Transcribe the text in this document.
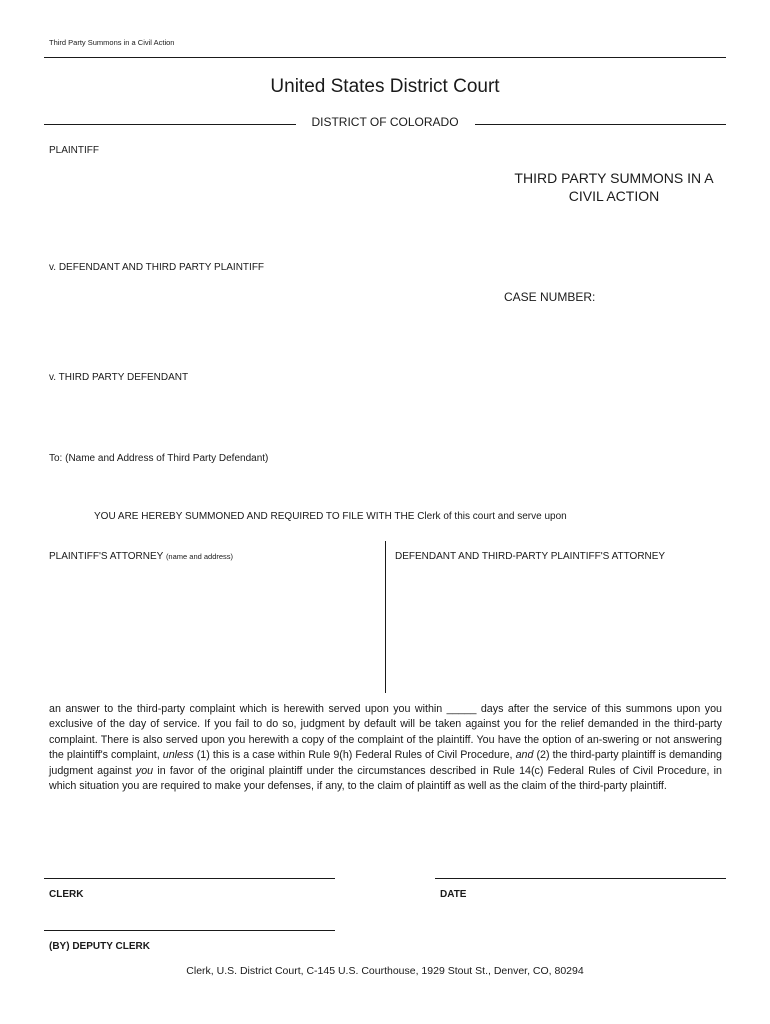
Third Party Summons in a Civil Action
United States District Court
DISTRICT OF COLORADO
PLAINTIFF
THIRD PARTY SUMMONS IN A
CIVIL ACTION
v. DEFENDANT AND THIRD PARTY PLAINTIFF
CASE NUMBER:
v. THIRD PARTY DEFENDANT
To: (Name and Address of Third Party Defendant)
YOU ARE HEREBY SUMMONED AND REQUIRED TO FILE WITH THE Clerk of this court and serve upon
PLAINTIFF'S ATTORNEY (name and address)	DEFENDANT AND THIRD-PARTY PLAINTIFF'S ATTORNEY
an answer to the third-party complaint which is herewith served upon you within _____ days after the service of this summons upon you exclusive of the day of service. If you fail to do so, judgment by default will be taken against you for the relief demanded in the third-party complaint. There is also served upon you herewith a copy of the complaint of the plaintiff. You have the option of an-swering or not answering the plaintiff's complaint, unless (1) this is a case within Rule 9(h) Federal Rules of Civil Procedure, and (2) the third-party plaintiff is demanding judgment against you in favor of the original plaintiff under the circumstances described in Rule 14(c) Federal Rules of Civil Procedure, in which situation you are required to make your defenses, if any, to the claim of plaintiff as well as the claim of the third-party plaintiff.
CLERK	DATE
(BY) DEPUTY CLERK
Clerk, U.S. District Court, C-145 U.S. Courthouse, 1929 Stout St., Denver, CO, 80294
